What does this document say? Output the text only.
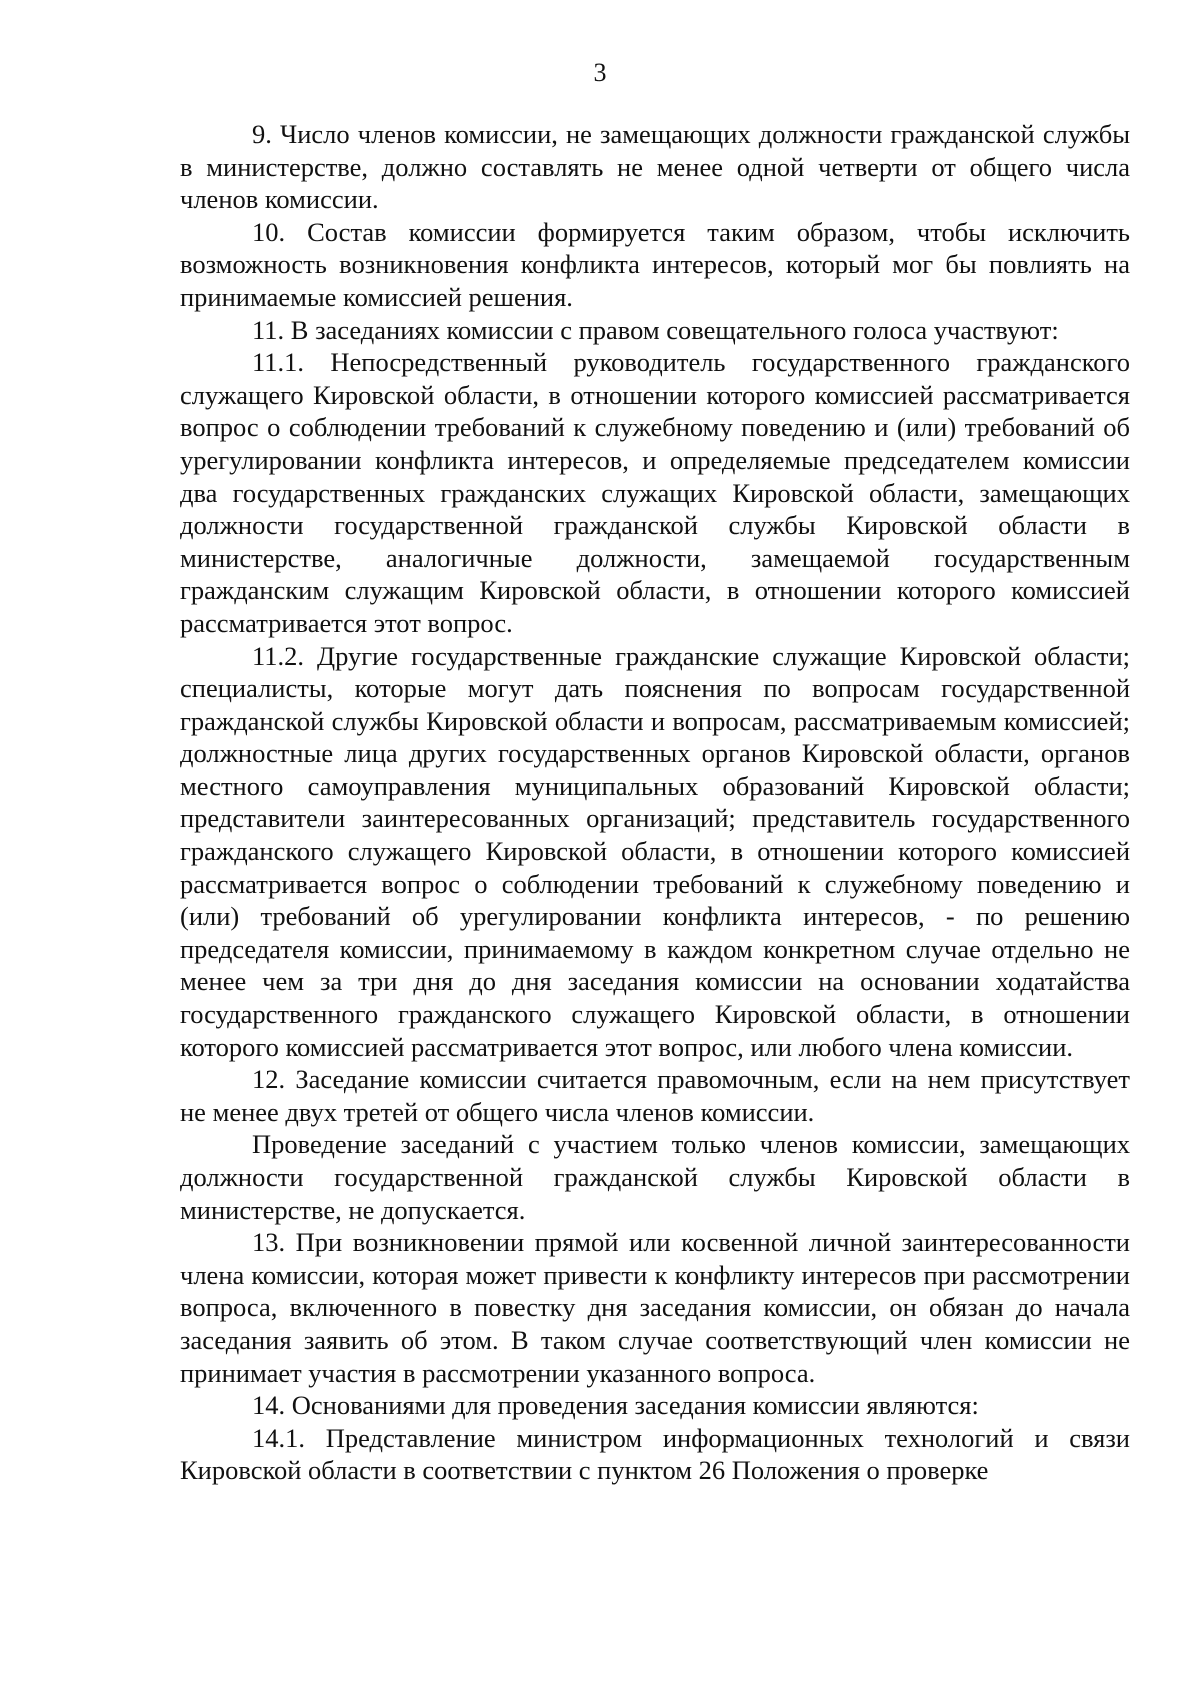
3

9. Число членов комиссии, не замещающих должности гражданской службы в министерстве, должно составлять не менее одной четверти от общего числа членов комиссии.

10. Состав комиссии формируется таким образом, чтобы исключить возможность возникновения конфликта интересов, который мог бы повлиять на принимаемые комиссией решения.

11. В заседаниях комиссии с правом совещательного голоса участвуют:

11.1. Непосредственный руководитель государственного гражданского служащего Кировской области, в отношении которого комиссией рассматривается вопрос о соблюдении требований к служебному поведению и (или) требований об урегулировании конфликта интересов, и определяемые председателем комиссии два государственных гражданских служащих Кировской области, замещающих должности государственной гражданской службы Кировской области в министерстве, аналогичные должности, замещаемой государственным гражданским служащим Кировской области, в отношении которого комиссией рассматривается этот вопрос.

11.2. Другие государственные гражданские служащие Кировской области; специалисты, которые могут дать пояснения по вопросам государственной гражданской службы Кировской области и вопросам, рассматриваемым комиссией; должностные лица других государственных органов Кировской области, органов местного самоуправления муниципальных образований Кировской области; представители заинтересованных организаций; представитель государственного гражданского служащего Кировской области, в отношении которого комиссией рассматривается вопрос о соблюдении требований к служебному поведению и (или) требований об урегулировании конфликта интересов, - по решению председателя комиссии, принимаемому в каждом конкретном случае отдельно не менее чем за три дня до дня заседания комиссии на основании ходатайства государственного гражданского служащего Кировской области, в отношении которого комиссией рассматривается этот вопрос, или любого члена комиссии.

12. Заседание комиссии считается правомочным, если на нем присутствует не менее двух третей от общего числа членов комиссии.

Проведение заседаний с участием только членов комиссии, замещающих должности государственной гражданской службы Кировской области в министерстве, не допускается.

13. При возникновении прямой или косвенной личной заинтересованности члена комиссии, которая может привести к конфликту интересов при рассмотрении вопроса, включенного в повестку дня заседания комиссии, он обязан до начала заседания заявить об этом. В таком случае соответствующий член комиссии не принимает участия в рассмотрении указанного вопроса.

14. Основаниями для проведения заседания комиссии являются:

14.1. Представление министром информационных технологий и связи Кировской области в соответствии с пунктом 26 Положения о проверке
